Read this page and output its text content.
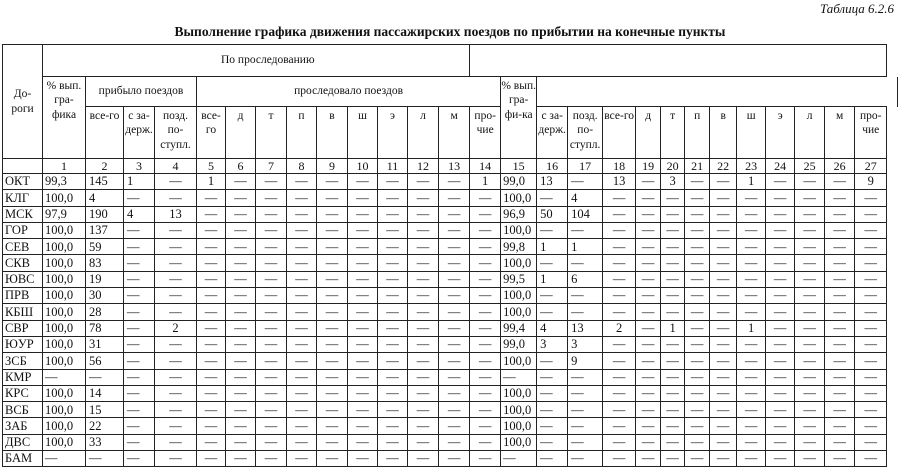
Таблица 6.2.6
Выполнение графика движения пассажирских поездов по прибытии на конечные пункты
До-роги	По проследованию																										
	% вып. гра-фика	прибыло поездов			проследовало поездов										% вып. гра-фи-ка												
		все-го	с за-держ.	позд. по-ступл.	все-го	д	т	п	в	ш	э	л	м	про-чие		с за-держ.	позд. по-ступл.	все-го	д	т	п	в	ш	э	л	м	про-чие
	1	2	3	4	5	6	7	8	9	10	11	12	13	14	15	16	17	18	19	20	21	22	23	24	25	26	27
ОКТ	99,3	145	1	—	1	—	—	—	—	—	—	—	—	1	99,0	13	—	13	—	3	—	—	1	—	—	—	9
КЛГ	100,0	4	—	—	—	—	—	—	—	—	—	—	—	—	100,0	—	4	—	—	—	—	—	—	—	—	—	—
МСК	97,9	190	4	13	—	—	—	—	—	—	—	—	—	—	96,9	50	104	—	—	—	—	—	—	—	—	—	—
ГОР	100,0	137	—	—	—	—	—	—	—	—	—	—	—	—	100,0	—	—	—	—	—	—	—	—	—	—	—	—
СЕВ	100,0	59	—	—	—	—	—	—	—	—	—	—	—	—	99,8	1	1	—	—	—	—	—	—	—	—	—	—
СКВ	100,0	83	—	—	—	—	—	—	—	—	—	—	—	—	100,0	—	—	—	—	—	—	—	—	—	—	—	—
ЮВС	100,0	19	—	—	—	—	—	—	—	—	—	—	—	—	99,5	1	6	—	—	—	—	—	—	—	—	—	—
ПРВ	100,0	30	—	—	—	—	—	—	—	—	—	—	—	—	100,0	—	—	—	—	—	—	—	—	—	—	—	—
КБШ	100,0	28	—	—	—	—	—	—	—	—	—	—	—	—	100,0	—	—	—	—	—	—	—	—	—	—	—	—
СВР	100,0	78	—	2	—	—	—	—	—	—	—	—	—	—	99,4	4	13	2	—	1	—	—	1	—	—	—	—
ЮУР	100,0	31	—	—	—	—	—	—	—	—	—	—	—	—	99,0	3	3	—	—	—	—	—	—	—	—	—	—
ЗСБ	100,0	56	—	—	—	—	—	—	—	—	—	—	—	—	100,0	—	9	—	—	—	—	—	—	—	—	—	—
КМР	—	—	—	—	—	—	—	—	—	—	—	—	—	—	—	—	—	—	—	—	—	—	—	—	—	—	—
КРС	100,0	14	—	—	—	—	—	—	—	—	—	—	—	—	100,0	—	—	—	—	—	—	—	—	—	—	—	—
ВСБ	100,0	15	—	—	—	—	—	—	—	—	—	—	—	—	100,0	—	—	—	—	—	—	—	—	—	—	—	—
ЗАБ	100,0	22	—	—	—	—	—	—	—	—	—	—	—	—	100,0	—	—	—	—	—	—	—	—	—	—	—	—
ДВС	100,0	33	—	—	—	—	—	—	—	—	—	—	—	—	100,0	—	—	—	—	—	—	—	—	—	—	—	—
БАМ	—	—	—	—	—	—	—	—	—	—	—	—	—	—	—	—	—	—	—	—	—	—	—	—	—	—	—
